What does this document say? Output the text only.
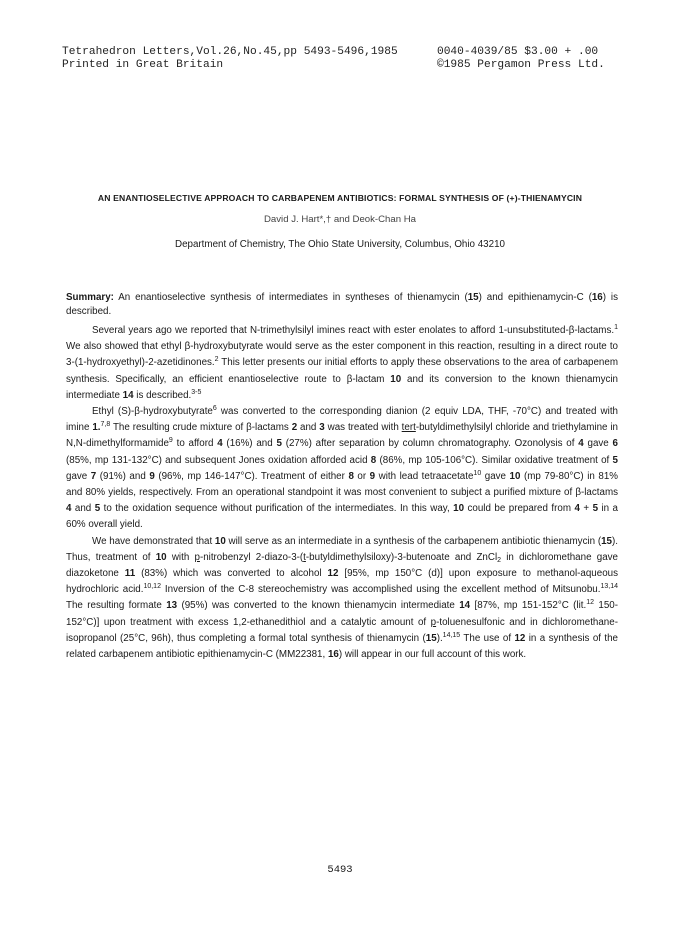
Tetrahedron Letters,Vol.26,No.45,pp 5493-5496,1985
Printed in Great Britain
0040-4039/85 $3.00 + .00
©1985 Pergamon Press Ltd.
AN ENANTIOSELECTIVE APPROACH TO CARBAPENEM ANTIBIOTICS: FORMAL SYNTHESIS OF (+)-THIENAMYCIN
David J. Hart*,† and Deok-Chan Ha
Department of Chemistry, The Ohio State University, Columbus, Ohio 43210
Summary: An enantioselective synthesis of intermediates in syntheses of thienamycin (15) and epithienamycin-C (16) is described.

Several years ago we reported that N-trimethylsilyl imines react with ester enolates to afford 1-unsubstituted-β-lactams.$^1$ We also showed that ethyl β-hydroxybutyrate would serve as the ester component in this reaction, resulting in a direct route to 3-(1-hydroxyethyl)-2-azetidinones.$^2$ This letter presents our initial efforts to apply these observations to the area of carbapenem synthesis. Specifically, an efficient enantioselective route to β-lactam 10 and its conversion to the known thienamycin intermediate 14 is described.$^{3-5}$

Ethyl (S)-β-hydroxybutyrate$^6$ was converted to the corresponding dianion (2 equiv LDA, THF, -70°C) and treated with imine 1.$^{7,8}$ The resulting crude mixture of β-lactams 2 and 3 was treated with tert-butyldimethylsilyl chloride and triethylamine in N,N-dimethylformamide$^9$ to afford 4 (16%) and 5 (27%) after separation by column chromatography. Ozonolysis of 4 gave 6 (85%, mp 131-132°C) and subsequent Jones oxidation afforded acid 8 (86%, mp 105-106°C). Similar oxidative treatment of 5 gave 7 (91%) and 9 (96%, mp 146-147°C). Treatment of either 8 or 9 with lead tetraacetate$^{10}$ gave 10 (mp 79-80°C) in 81% and 80% yields, respectively. From an operational standpoint it was most convenient to subject a purified mixture of β-lactams 4 and 5 to the oxidation sequence without purification of the intermediates. In this way, 10 could be prepared from 4 + 5 in a 60% overall yield.

We have demonstrated that 10 will serve as an intermediate in a synthesis of the carbapenem antibiotic thienamycin (15). Thus, treatment of 10 with p-nitrobenzyl 2-diazo-3-(t-butyldimethylsiloxy)-3-butenoate and ZnCl$_2$ in dichloromethane gave diazoketone 11 (83%) which was converted to alcohol 12 [95%, mp 150°C (d)] upon exposure to methanol-aqueous hydrochloric acid.$^{10,12}$ Inversion of the C-8 stereochemistry was accomplished using the excellent method of Mitsunobu.$^{13,14}$ The resulting formate 13 (95%) was converted to the known thienamycin intermediate 14 [87%, mp 151-152°C (lit.$^{12}$ 150-152°C)] upon treatment with excess 1,2-ethanedithiol and a catalytic amount of p-toluenesulfonic and in dichloromethane-isopropanol (25°C, 96h), thus completing a formal total synthesis of thienamycin (15).$^{14,15}$ The use of 12 in a synthesis of the related carbapenem antibiotic epithienamycin-C (MM22381, 16) will appear in our full account of this work.

5493
